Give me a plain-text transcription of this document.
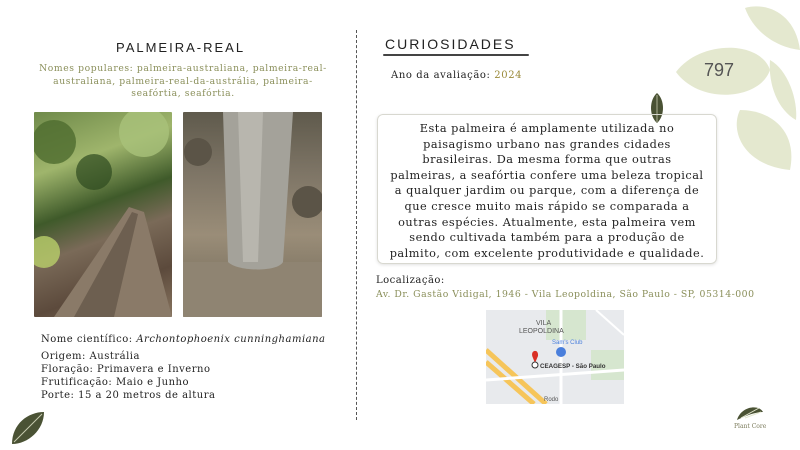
PALMEIRA-REAL
Nomes populares: palmeira-australiana, palmeira-real-australiana, palmeira-real-da-austrália, palmeira-seafórtia, seafórtia.
Nome científico: Archontophoenix cunninghamiana
Origem: Austrália
Floração: Primavera e Inverno
Frutificação: Maio e Junho
Porte: 15 a 20 metros de altura
CURIOSIDADES
Ano da avaliação: 2024	797
Esta palmeira é amplamente utilizada no paisagismo urbano nas grandes cidades brasileiras. Da mesma forma que outras palmeiras, a seafórtia confere uma beleza tropical a qualquer jardim ou parque, com a diferença de que cresce muito mais rápido se comparada a outras espécies. Atualmente, esta palmeira vem sendo cultivada também para a produção de palmito, com excelente produtividade e qualidade.
Localização:
Av. Dr. Gastão Vidigal, 1946 - Vila Leopoldina, São Paulo - SP, 05314-000
VILA
LEOPOLDINA
Sam's Club
CEAGESP - São Paulo
Rodo
Plant Core
